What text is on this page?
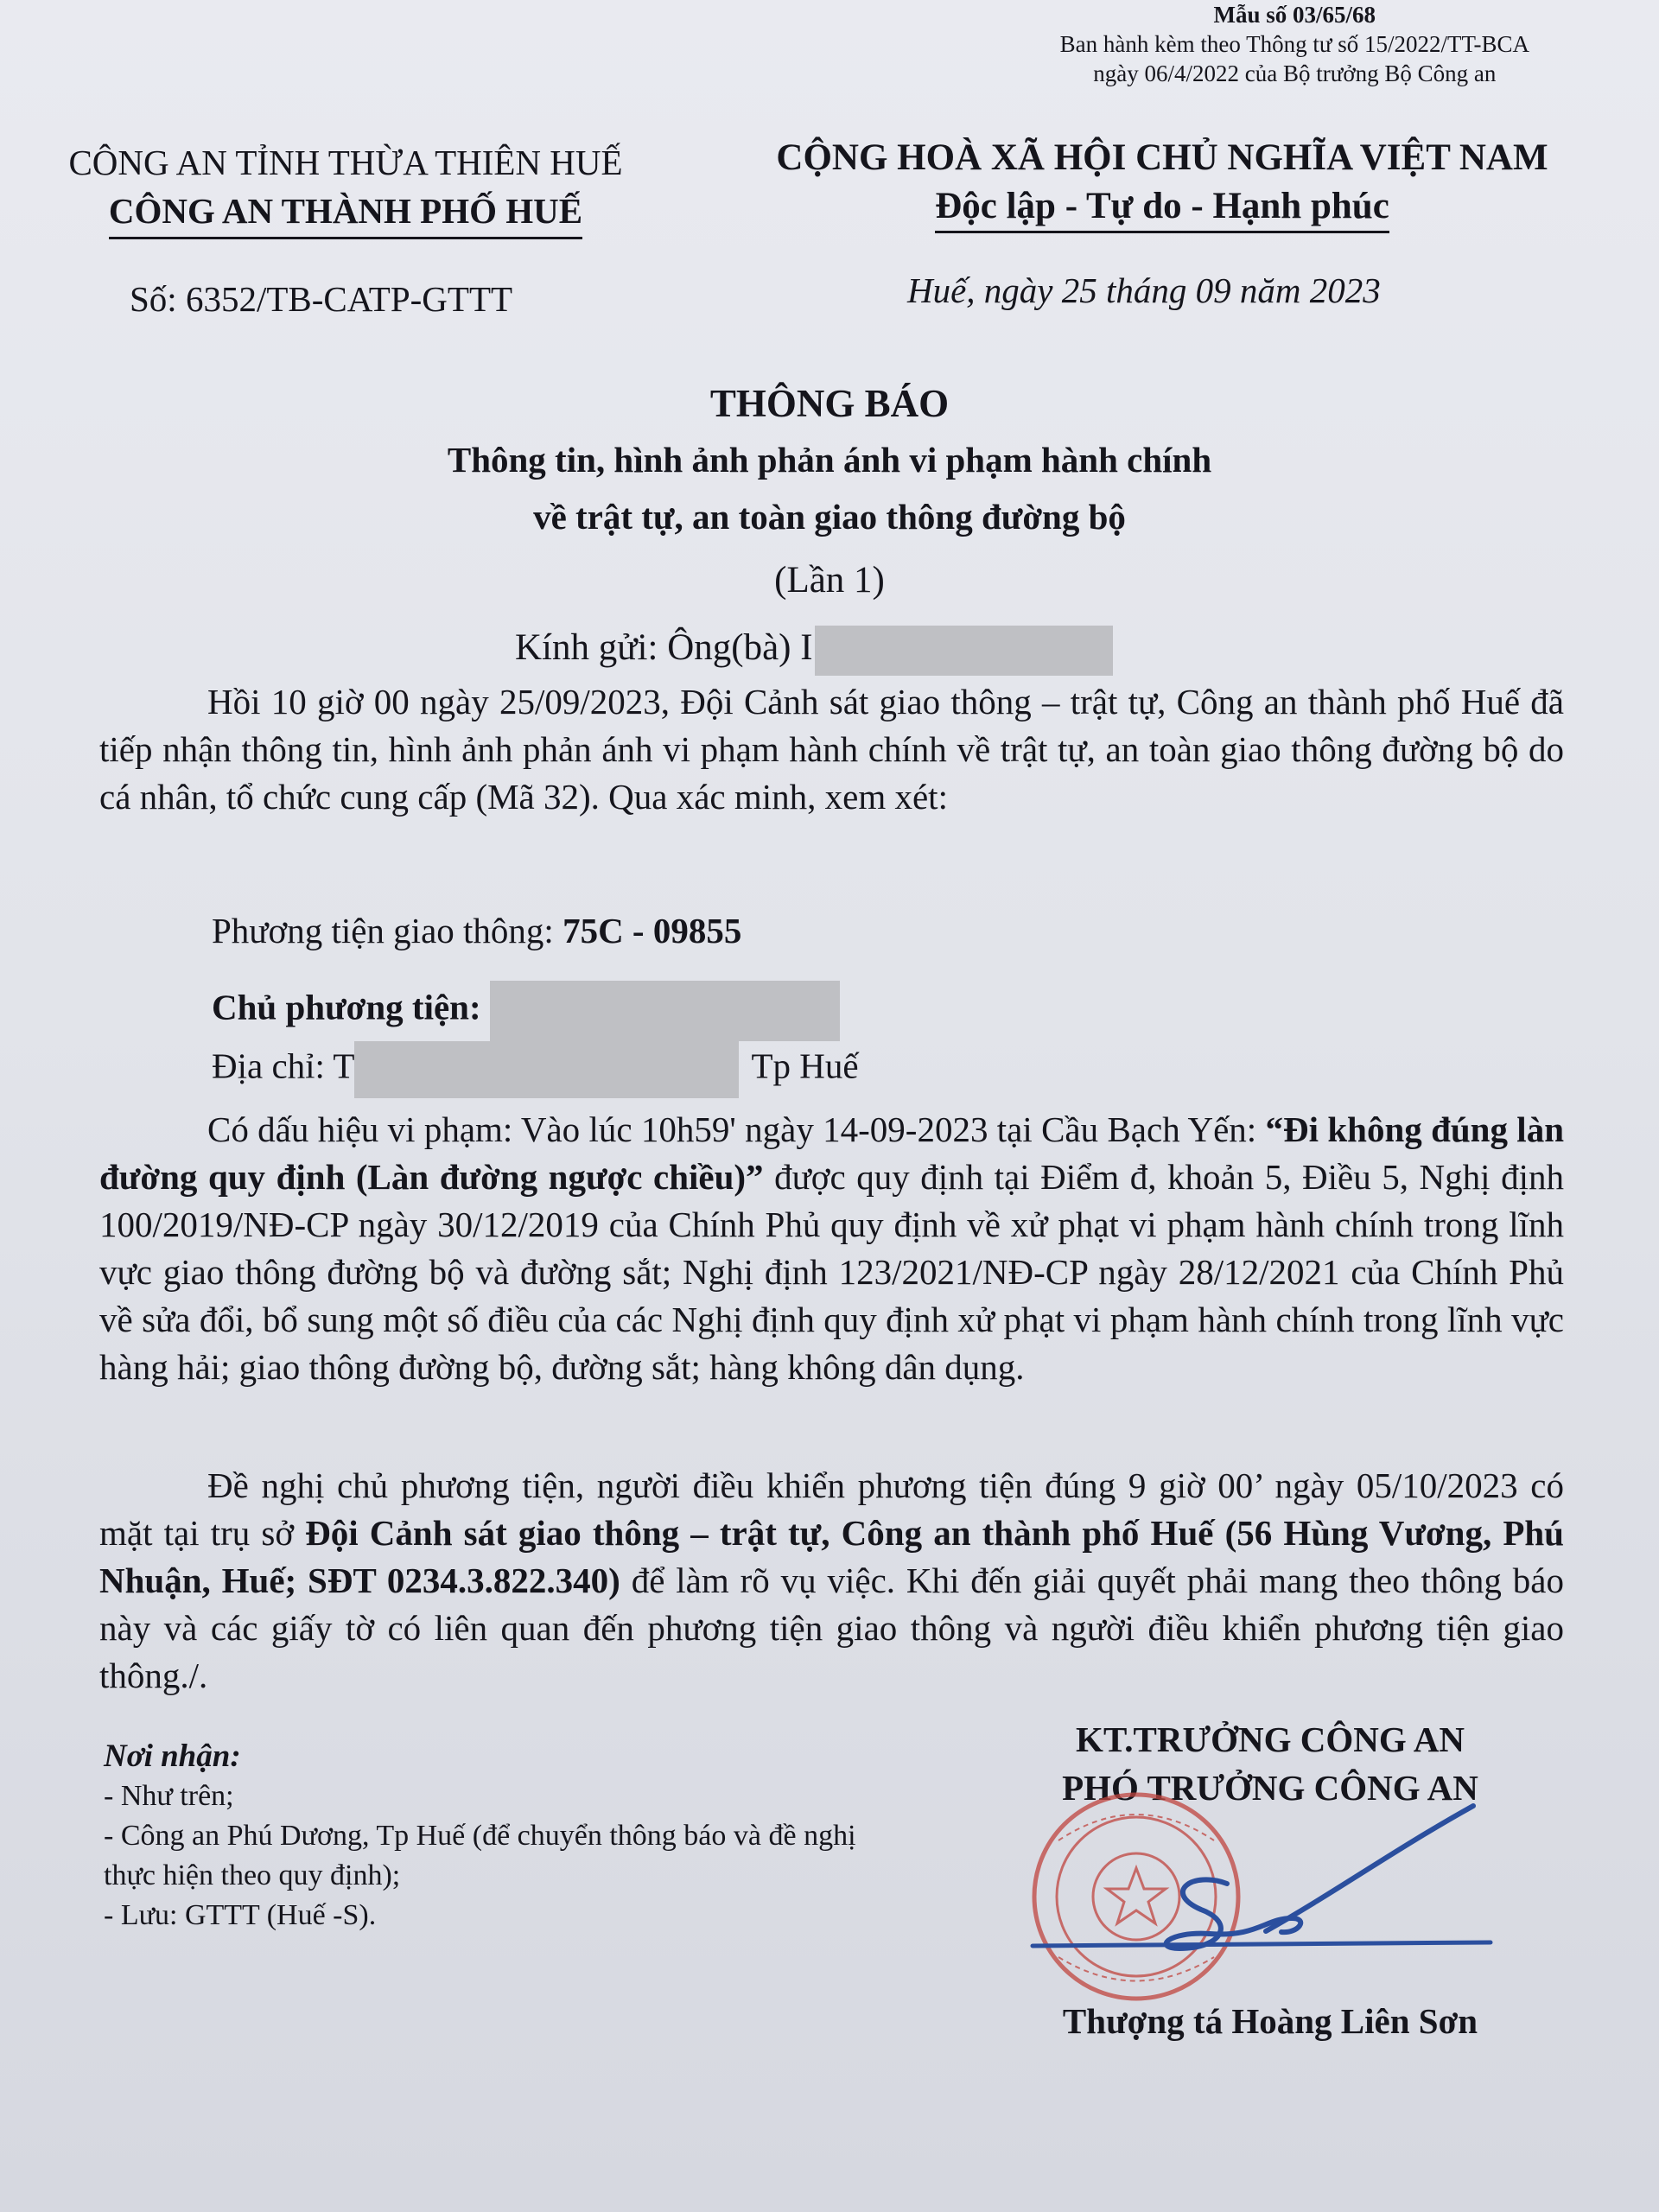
Mẫu số 03/65/68
Ban hành kèm theo Thông tư số 15/2022/TT-BCA
ngày 06/4/2022 của Bộ trưởng Bộ Công an
CÔNG AN TỈNH THỪA THIÊN HUẾ
CÔNG AN THÀNH PHỐ HUẾ
CỘNG HOÀ XÃ HỘI CHỦ NGHĨA VIỆT NAM
Độc lập - Tự do - Hạnh phúc
Số: 6352/TB-CATP-GTTT	Huế, ngày 25 tháng 09 năm 2023
THÔNG BÁO
Thông tin, hình ảnh phản ánh vi phạm hành chính
về trật tự, an toàn giao thông đường bộ
(Lần 1)
Kính gửi: Ông(bà) I
Hồi 10 giờ 00 ngày 25/09/2023, Đội Cảnh sát giao thông – trật tự, Công an thành phố Huế đã tiếp nhận thông tin, hình ảnh phản ánh vi phạm hành chính về trật tự, an toàn giao thông đường bộ do cá nhân, tổ chức cung cấp (Mã 32). Qua xác minh, xem xét:
Phương tiện giao thông: 75C - 09855
Chủ phương tiện:
Địa chỉ: T	Tp Huế
Có dấu hiệu vi phạm: Vào lúc 10h59' ngày 14-09-2023 tại Cầu Bạch Yến: “Đi không đúng làn đường quy định (Làn đường ngược chiều)” được quy định tại Điểm đ, khoản 5, Điều 5, Nghị định 100/2019/NĐ-CP ngày 30/12/2019 của Chính Phủ quy định về xử phạt vi phạm hành chính trong lĩnh vực giao thông đường bộ và đường sắt; Nghị định 123/2021/NĐ-CP ngày 28/12/2021 của Chính Phủ về sửa đổi, bổ sung một số điều của các Nghị định quy định xử phạt vi phạm hành chính trong lĩnh vực hàng hải; giao thông đường bộ, đường sắt; hàng không dân dụng.
Đề nghị chủ phương tiện, người điều khiển phương tiện đúng 9 giờ 00’ ngày 05/10/2023 có mặt tại trụ sở Đội Cảnh sát giao thông – trật tự, Công an thành phố Huế (56 Hùng Vương, Phú Nhuận, Huế; SĐT 0234.3.822.340) để làm rõ vụ việc. Khi đến giải quyết phải mang theo thông báo này và các giấy tờ có liên quan đến phương tiện giao thông và người điều khiển phương tiện giao thông./.
Nơi nhận:
- Như trên;
- Công an Phú Dương, Tp Huế (để chuyển thông báo và đề nghị thực hiện theo quy định);
- Lưu: GTTT (Huế -S).
KT.TRƯỞNG CÔNG AN
PHÓ TRƯỞNG CÔNG AN
Thượng tá Hoàng Liên Sơn
